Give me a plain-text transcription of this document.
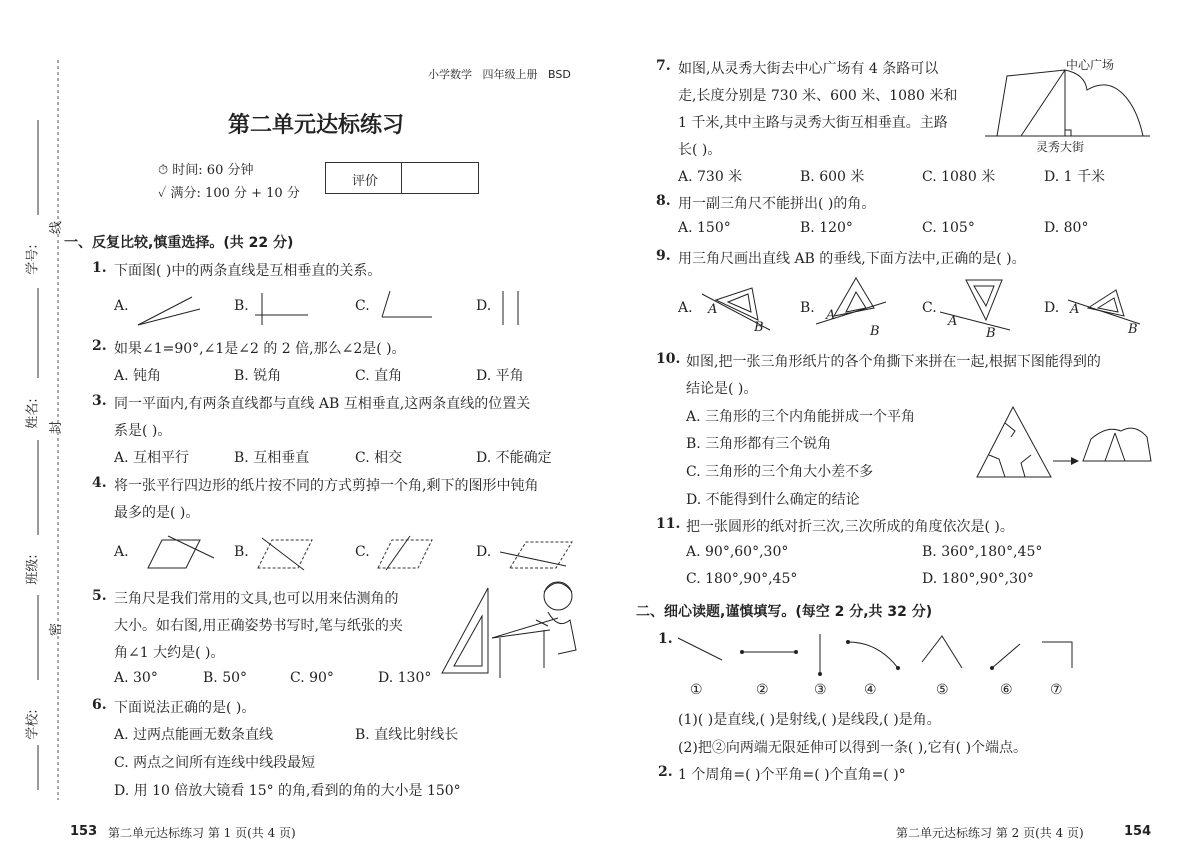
学号:
线
姓名: 封
班级:
密
学校:
小学数学 四年级上册 BSD
第二单元达标练习
⏱ 时间: 60 分钟
✓ 满分: 100 分 + 10 分
评价
一、反复比较,慎重选择。(共 22 分)
1. 下面图( )中的两条直线是互相垂直的关系。
A.	B.	C.	D.
2. 如果∠1=90°,∠1是∠2 的 2 倍,那么∠2是( )。
A. 钝角	B. 锐角	C. 直角	D. 平角
3. 同一平面内,有两条直线都与直线 AB 互相垂直,这两条直线的位置关
系是( )。
A. 互相平行	B. 互相垂直	C. 相交	D. 不能确定
4. 将一张平行四边形的纸片按不同的方式剪掉一个角,剩下的图形中钝角
最多的是( )。
A.	B.	C.	D.
5. 三角尺是我们常用的文具,也可以用来估测角的
大小。如右图,用正确姿势书写时,笔与纸张的夹
角∠1 大约是( )。
A. 30°	B. 50°	C. 90°	D. 130°
6. 下面说法正确的是( )。
A. 过两点能画无数条直线	B. 直线比射线长
C. 两点之间所有连线中线段最短
D. 用 10 倍放大镜看 15° 的角,看到的角的大小是 150°
153 第二单元达标练习 第 1 页(共 4 页)
7. 如图,从灵秀大街去中心广场有 4 条路可以
走,长度分别是 730 米、600 米、1080 米和
1 千米,其中主路与灵秀大街互相垂直。主路
长( )。
中心广场
灵秀大街
A. 730 米	B. 600 米	C. 1080 米	D. 1 千米
8. 用一副三角尺不能拼出( )的角。
A. 150°	B. 120°	C. 105°	D. 80°
9. 用三角尺画出直线 AB 的垂线,下面方法中,正确的是( )。
A.	B.	C.	D.
A
B
A
B
A
B
A
B
10. 如图,把一张三角形纸片的各个角撕下来拼在一起,根据下图能得到的
结论是( )。
A. 三角形的三个内角能拼成一个平角
B. 三角形都有三个锐角
C. 三角形的三个角大小差不多
D. 不能得到什么确定的结论
11. 把一张圆形的纸对折三次,三次所成的角度依次是( )。
A. 90°,60°,30°	B. 360°,180°,45°
C. 180°,90°,45°	D. 180°,90°,30°
二、细心读题,谨慎填写。(每空 2 分,共 32 分)
1.
①	②	③	④	⑤	⑥	⑦
(1)( )是直线,( )是射线,( )是线段,( )是角。
(2)把②向两端无限延伸可以得到一条( ),它有( )个端点。
2. 1 个周角=( )个平角=( )个直角=( )°
第二单元达标练习 第 2 页(共 4 页)	154
